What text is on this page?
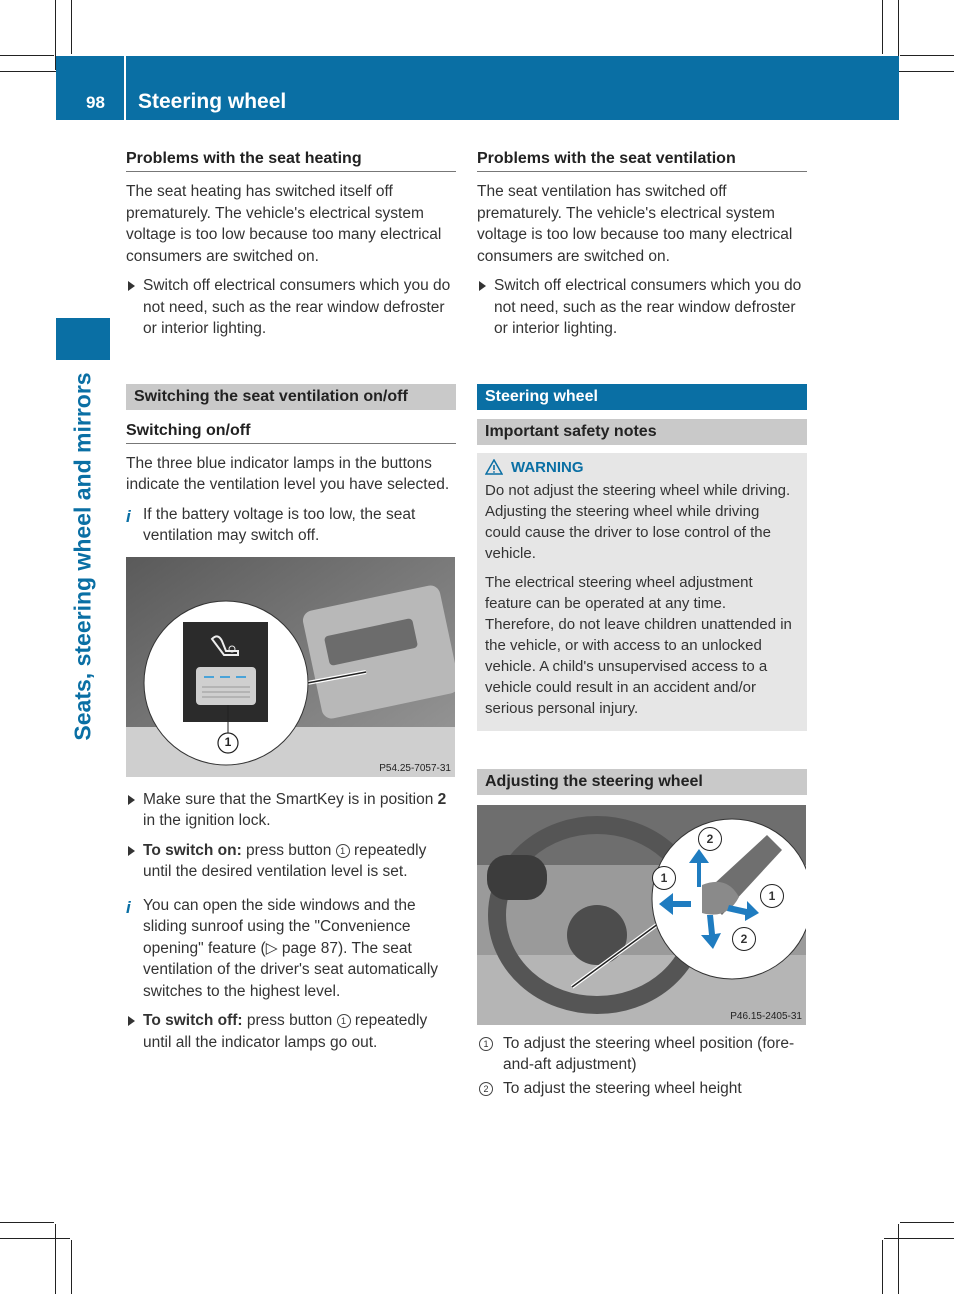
98 Steering wheel
Seats, steering wheel and mirrors
Problems with the seat heating

The seat heating has switched itself off prematurely. The vehicle's electrical system voltage is too low because too many electrical consumers are switched on.

Switch off electrical consumers which you do not need, such as the rear window defroster or interior lighting.
Switching the seat ventilation on/off
Switching on/off

The three blue indicator lamps in the buttons indicate the ventilation level you have selected.

i If the battery voltage is too low, the seat ventilation may switch off.
1
P54.25-7057-31
Make sure that the SmartKey is in position 2 in the ignition lock.
To switch on: press button 1 repeatedly until the desired ventilation level is set.
i You can open the side windows and the sliding sunroof using the "Convenience opening" feature (▷ page 87). The seat ventilation of the driver's seat automatically switches to the highest level.
To switch off: press button 1 repeatedly until all the indicator lamps go out.
Problems with the seat ventilation

The seat ventilation has switched off prematurely. The vehicle's electrical system voltage is too low because too many electrical consumers are switched on.

Switch off electrical consumers which you do not need, such as the rear window defroster or interior lighting.
Steering wheel
Important safety notes
WARNING

Do not adjust the steering wheel while driving. Adjusting the steering wheel while driving could cause the driver to lose control of the vehicle.

The electrical steering wheel adjustment feature can be operated at any time. Therefore, do not leave children unattended in the vehicle, or with access to an unlocked vehicle. A child's unsupervised access to a vehicle could result in an accident and/or serious personal injury.

Adjusting the steering wheel
P46.15-2405-31
2
1
1
2
1 To adjust the steering wheel position (fore-and-aft adjustment)
2 To adjust the steering wheel height
